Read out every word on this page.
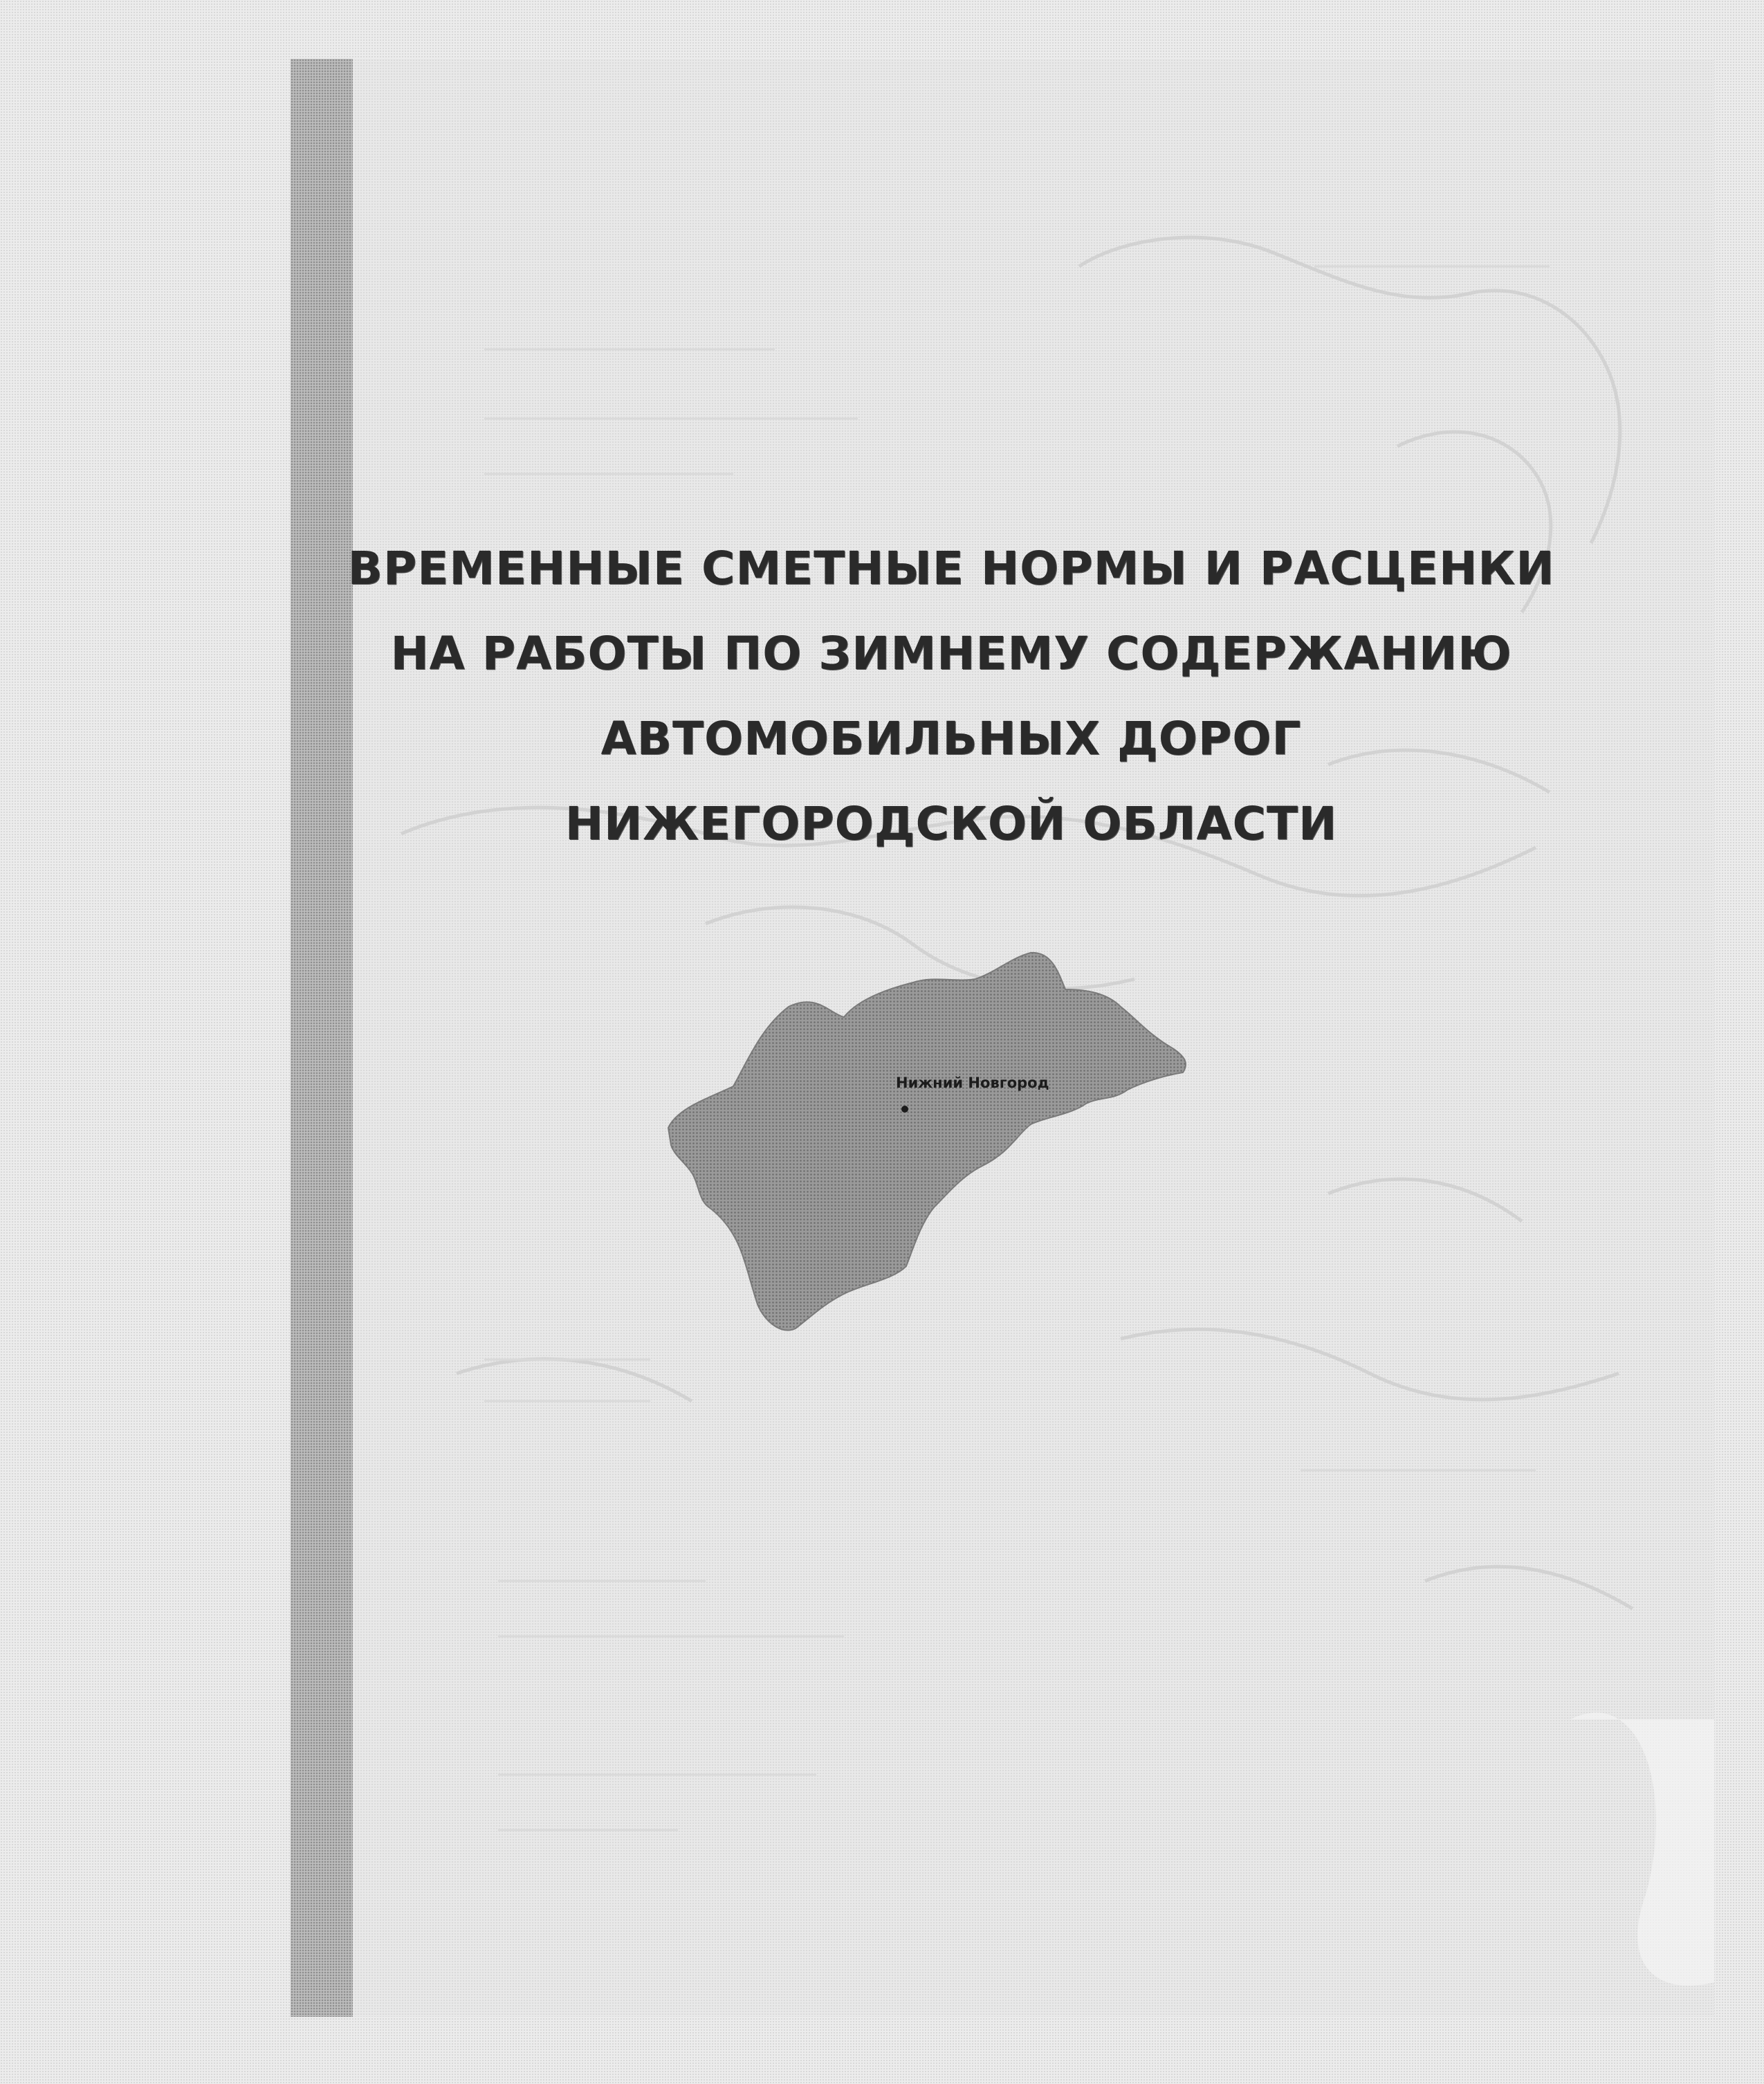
ВРЕМЕННЫЕ СМЕТНЫЕ НОРМЫ И РАСЦЕНКИ
НА РАБОТЫ ПО ЗИМНЕМУ СОДЕРЖАНИЮ
АВТОМОБИЛЬНЫХ ДОРОГ
НИЖЕГОРОДСКОЙ ОБЛАСТИ
Нижний Новгород
